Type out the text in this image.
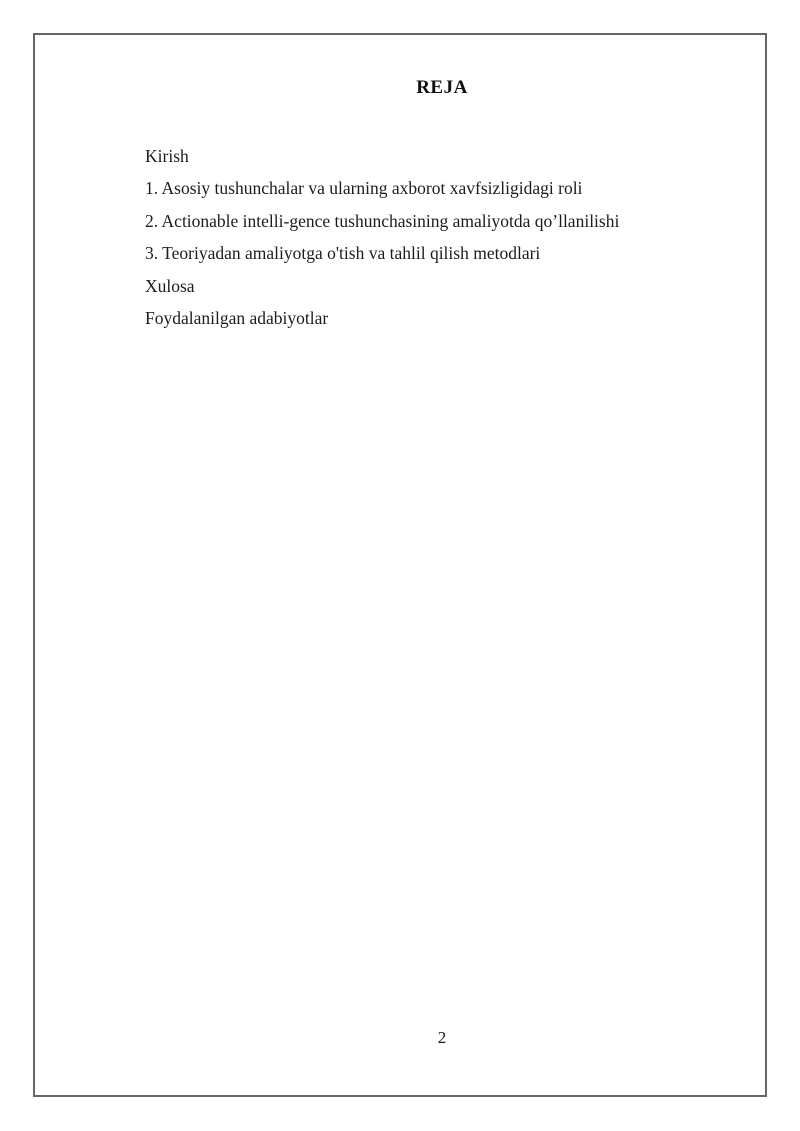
REJA
Kirish
1. Asosiy tushunchalar va ularning axborot xavfsizligidagi roli
2. Actionable intelli-gence tushunchasining amaliyotda qo’llanilishi
3. Teoriyadan amaliyotga o'tish va tahlil qilish metodlari
Xulosa
Foydalanilgan adabiyotlar
2
